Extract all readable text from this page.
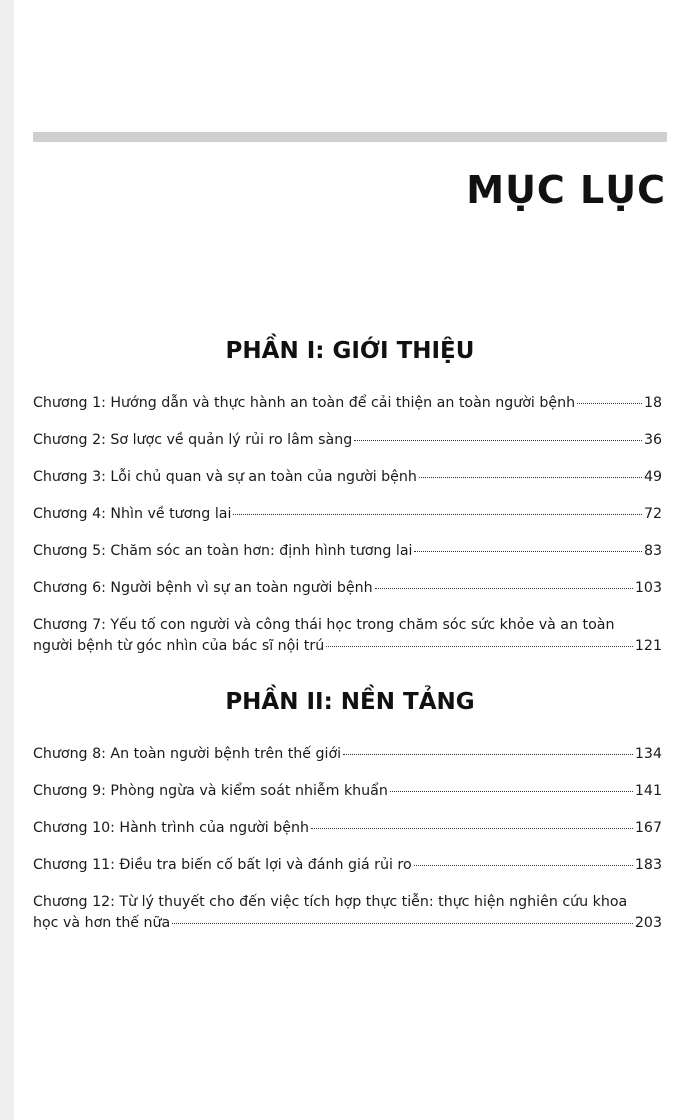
MỤC LỤC
PHẦN I: GIỚI THIỆU
Chương 1: Hướng dẫn và thực hành an toàn để cải thiện an toàn người bệnh	18
Chương 2: Sơ lược về quản lý rủi ro lâm sàng	36
Chương 3: Lỗi chủ quan và sự an toàn của người bệnh	49
Chương 4: Nhìn về tương lai	72
Chương 5: Chăm sóc an toàn hơn: định hình tương lai	83
Chương 6: Người bệnh vì sự an toàn người bệnh	103
Chương 7: Yếu tố con người và công thái học trong chăm sóc sức khỏe và an toàn
người bệnh từ góc nhìn của bác sĩ nội trú	121
PHẦN II: NỀN TẢNG
Chương 8: An toàn người bệnh trên thế giới	134
Chương 9: Phòng ngừa và kiểm soát nhiễm khuẩn	141
Chương 10: Hành trình của người bệnh	167
Chương 11: Điều tra biến cố bất lợi và đánh giá rủi ro	183
Chương 12: Từ lý thuyết cho đến việc tích hợp thực tiễn: thực hiện nghiên cứu khoa
học và hơn thế nữa	203
